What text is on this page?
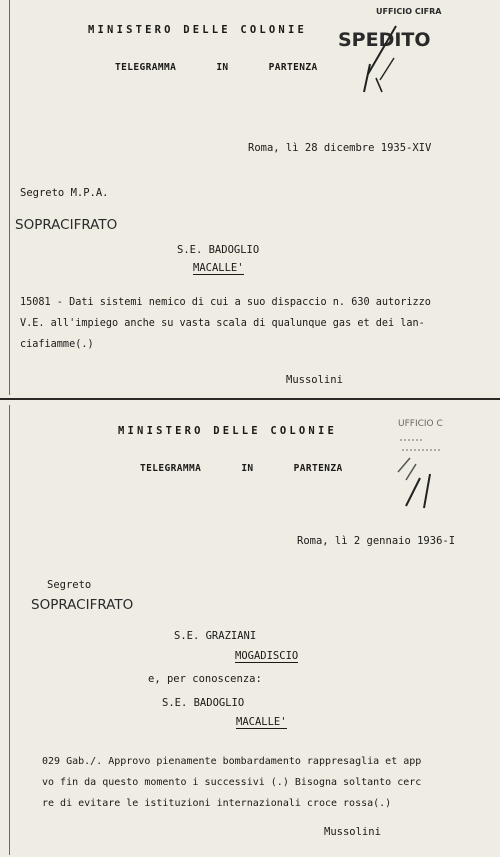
MINISTERO DELLE COLONIE
UFFICIO CIFRA
SPEDITO
TELEGRAMMA IN PARTENZA
Roma, lì 28 dicembre 1935-XIV
Segreto M.P.A.
SOPRACIFRATO
S.E. BADOGLIO
MACALLE'
15081 - Dati sistemi nemico di cui a suo dispaccio n. 630 autorizzo
V.E. all'impiego anche su vasta scala di qualunque gas et dei lan-
ciafiamme(.)
Mussolini
MINISTERO DELLE COLONIE
UFFICIO C
TELEGRAMMA IN PARTENZA
Roma, lì 2 gennaio 1936-I
Segreto
SOPRACIFRATO
S.E. GRAZIANI
MOGADISCIO
e, per conoscenza:
S.E. BADOGLIO
MACALLE'
029 Gab./. Approvo pienamente bombardamento rappresaglia et app
vo fin da questo momento i successivi (.) Bisogna soltanto cerc
re di evitare le istituzioni internazionali croce rossa(.)
Mussolini
